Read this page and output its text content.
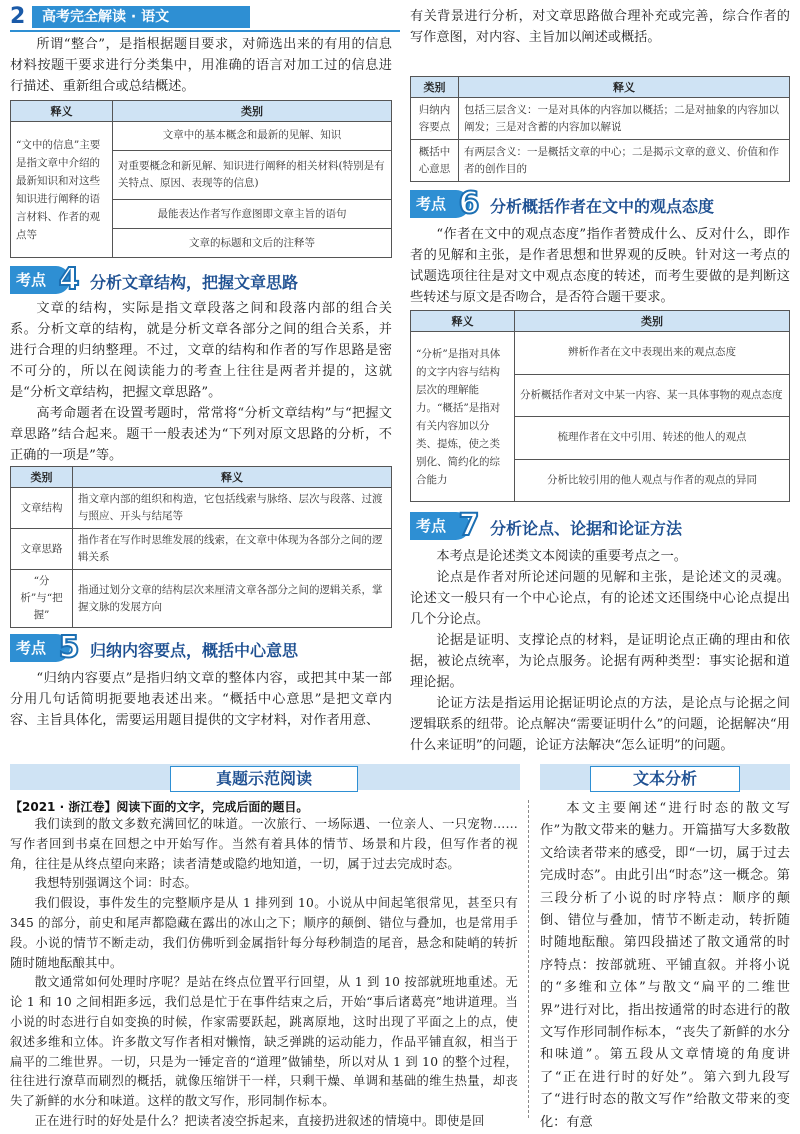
2	高考完全解读 · 语文

所谓“整合”，是指根据题目要求，对筛选出来的有用的信息材料按题干要求进行分类集中，用准确的语言对加工过的信息进行描述、重新组合或总结概述。

释义	类别
“文中的信息”主要是指文章中介绍的最新知识和对这些知识进行阐释的语言材料、作者的观点等	文章中的基本概念和最新的见解、知识
	对重要概念和新见解、知识进行阐释的相关材料(特别是有关特点、原因、表现等的信息)
	最能表达作者写作意图即文章主旨的语句
	文章的标题和文后的注释等
考点 4 分析文章结构，把握文章思路

文章的结构，实际是指文章段落之间和段落内部的组合关系。分析文章的结构，就是分析文章各部分之间的组合关系，并进行合理的归纳整理。不过，文章的结构和作者的写作思路是密不可分的，所以在阅读能力的考查上往往是两者并提的，这就是“分析文章结构，把握文章思路”。

高考命题者在设置考题时，常常将“分析文章结构”与“把握文章思路”结合起来。题干一般表述为“下列对原文思路的分析，不正确的一项是”等。

类别	释义
文章结构	指文章内部的组织和构造，它包括线索与脉络、层次与段落、过渡与照应、开头与结尾等
文章思路	指作者在写作时思维发展的线索，在文章中体现为各部分之间的逻辑关系
“分析”与“把握”	指通过划分文章的结构层次来厘清文章各部分之间的逻辑关系，掌握文脉的发展方向
考点 5 归纳内容要点，概括中心意思

“归纳内容要点”是指归纳文章的整体内容，或把其中某一部分用几句话简明扼要地表述出来。“概括中心意思”是把文章内容、主旨具体化，需要运用题目提供的文字材料，对作者用意、

有关背景进行分析，对文章思路做合理补充或完善，综合作者的写作意图，对内容、主旨加以阐述或概括。

类别	释义
归纳内容要点	包括三层含义：一是对具体的内容加以概括；二是对抽象的内容加以阐发；三是对含蓄的内容加以解说
概括中心意思	有两层含义：一是概括文章的中心；二是揭示文章的意义、价值和作者的创作目的
考点 6 分析概括作者在文中的观点态度

“作者在文中的观点态度”指作者赞成什么、反对什么，即作者的见解和主张，是作者思想和世界观的反映。针对这一考点的试题选项往往是对文中观点态度的转述，而考生要做的是判断这些转述与原文是否吻合，是否符合题干要求。

释义	类别
“分析”是指对具体的文字内容与结构层次的理解能力。“概括”是指对有关内容加以分类、提炼，使之类别化、简约化的综合能力	辨析作者在文中表现出来的观点态度
	分析概括作者对文中某一内容、某一具体事物的观点态度
	梳理作者在文中引用、转述的他人的观点
	分析比较引用的他人观点与作者的观点的异同
考点 7 分析论点、论据和论证方法

本考点是论述类文本阅读的重要考点之一。

论点是作者对所论述问题的见解和主张，是论述文的灵魂。论述文一般只有一个中心论点，有的论述文还围绕中心论点提出几个分论点。

论据是证明、支撑论点的材料，是证明论点正确的理由和依据，被论点统率，为论点服务。论据有两种类型：事实论据和道理论据。

论证方法是指运用论据证明论点的方法，是论点与论据之间逻辑联系的纽带。论点解决“需要证明什么”的问题，论据解决“用什么来证明”的问题，论证方法解决“怎么证明”的问题。

真题示范阅读	文本分析
【2021 · 浙江卷】阅读下面的文字，完成后面的题目。

我们读到的散文多数充满回忆的味道。一次旅行、一场际遇、一位亲人、一只宠物……写作者回到书桌在回想之中开始写作。当然有着具体的情节、场景和片段，但写作者的视角，往往是从终点望向来路；读者清楚或隐约地知道，一切，属于过去完成时态。

我想特别强调这个词：时态。

我们假设，事件发生的完整顺序是从 1 排列到 10。小说从中间起笔很常见，甚至只有 345 的部分，前史和尾声都隐藏在露出的冰山之下；顺序的颠倒、错位与叠加，也是常用手段。小说的情节不断走动，我们仿佛听到金属指针每分每秒制造的尾音，悬念和陡峭的转折随时随地酝酿其中。

散文通常如何处理时序呢？是站在终点位置平行回望，从 1 到 10 按部就班地重述。无论 1 和 10 之间相距多远，我们总是忙于在事件结束之后，开始“事后诸葛亮”地讲道理。当小说的时态进行自如变换的时候，作家需要跃起，跳离原地，这时出现了平面之上的点，使叙述多维和立体。许多散文写作者相对懒惰，缺乏弹跳的运动能力，作品平铺直叙，相当于扁平的二维世界。一切，只是为一锤定音的“道理”做铺垫，所以对从 1 到 10 的整个过程，往往进行潦草而刷烈的概括，就像压缩饼干一样，只剩干燥、单调和基础的维生热量，却丧失了新鲜的水分和味道。这样的散文写作，形同制作标本。

正在进行时的好处是什么？把读者凌空拆起来，直接扔进叙述的情境中。即使是回

本文主要阐述“进行时态的散文写作”为散文带来的魅力。开篇描写大多数散文给读者带来的感受，即“一切，属于过去完成时态”。由此引出“时态”这一概念。第三段分析了小说的时序特点：顺序的颠倒、错位与叠加，情节不断走动，转折随时随地酝酿。第四段描述了散文通常的时序特点：按部就班、平铺直叙。并将小说的“多维和立体”与散文“扁平的二维世界”进行对比，指出按通常的时态进行的散文写作形同制作标本，“丧失了新鲜的水分和味道”。第五段从文章情境的角度讲了“正在进行时的好处”。第六到九段写了“进行时态的散文写作”给散文带来的变化：有意
